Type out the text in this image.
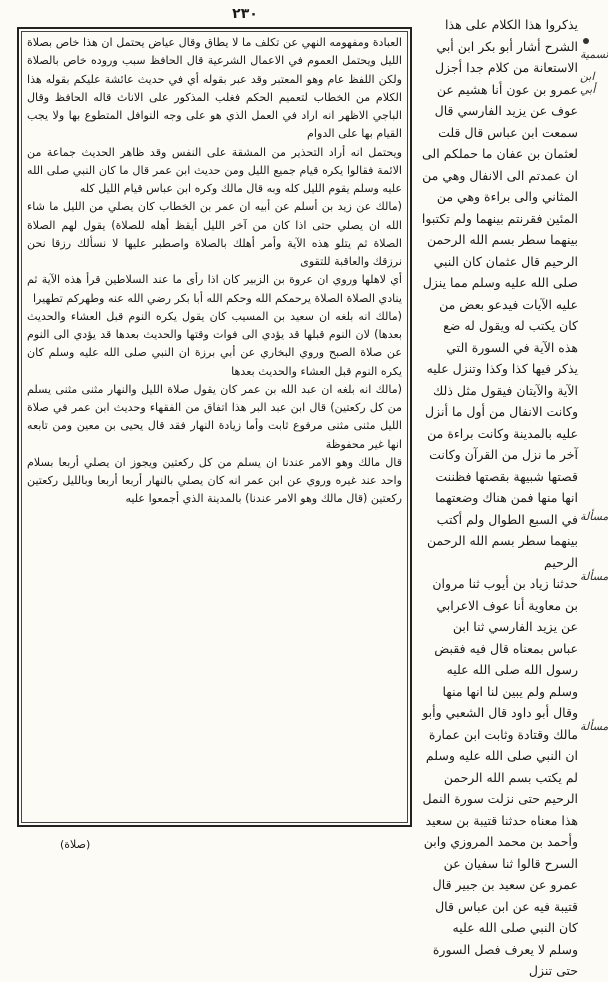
٢٣٠

العبادة ومفهومه النهي عن تكلف ما لا يطاق وقال عياض يحتمل ان هذا خاص بصلاة الليل ويحتمل العموم في الاعمال الشرعية قال الحافظ سبب وروده خاص بالصلاة ولكن اللفظ عام وهو المعتبر وقد عبر بقوله أي في حديث عائشة عليكم بقوله هذا الكلام من الخطاب لتعميم الحكم فغلب المذكور على الاناث قاله الحافظ وقال الباجي الاظهر انه اراد في العمل الذي هو على وجه النوافل المتطوع بها ولا يجب القيام بها على الدوام

ويحتمل انه أراد التحذير من المشقة على النفس وقد ظاهر الحديث جماعة من الائمة فقالوا يكره قيام جميع الليل ومن حديث ابن عمر قال ما كان النبي صلى الله عليه وسلم يقوم الليل كله وبه قال مالك وكره ابن عباس قيام الليل كله

(مالك عن زيد بن أسلم عن أبيه ان عمر بن الخطاب كان يصلي من الليل ما شاء الله ان يصلي حتى اذا كان من آخر الليل أيقظ أهله للصلاة) يقول لهم الصلاة الصلاة ثم يتلو هذه الآية وأمر أهلك بالصلاة واصطبر عليها لا نسألك رزقا نحن نرزقك والعاقبة للتقوى

أي لاهلها وروي ان عروة بن الزبير كان اذا رأى ما عند السلاطين قرأ هذه الآية ثم ينادي الصلاة الصلاة يرحمكم الله وحكم الله أبا بكر رضي الله عنه وطهركم تطهيرا

(مالك انه بلغه ان سعيد بن المسيب كان يقول يكره النوم قبل العشاء والحديث بعدها) لان النوم قبلها قد يؤدي الى فوات وقتها والحديث بعدها قد يؤدي الى النوم عن صلاة الصبح وروي البخاري عن أبي برزة ان النبي صلى الله عليه وسلم كان يكره النوم قبل العشاء والحديث بعدها

(مالك انه بلغه ان عبد الله بن عمر كان يقول صلاة الليل والنهار مثنى مثنى يسلم من كل ركعتين) قال ابن عبد البر هذا اتفاق من الفقهاء وحديث ابن عمر في صلاة الليل مثنى مثنى مرفوع ثابت وأما زيادة النهار فقد قال يحيى بن معين ومن تابعه انها غير محفوظة

قال مالك وهو الامر عندنا ان يسلم من كل ركعتين ويجوز ان يصلي أربعا بسلام واحد عند غيره وروي عن ابن عمر انه كان يصلي بالنهار أربعا أربعا وبالليل ركعتين ركعتين (قال مالك وهو الامر عندنا) بالمدينة الذي أجمعوا عليه

(صلاة)

يذكروا هذا الكلام على هذا الشرح أشار أبو بكر ابن أبي الاستعانة من كلام جدا أجزل عمرو بن عون أنا هشيم عن عوف عن يزيد الفارسي قال سمعت ابن عباس قال قلت لعثمان بن عفان ما حملكم الى ان عمدتم الى الانفال وهي من المثاني والى براءة وهي من المئين فقرنتم بينهما ولم تكتبوا بينهما سطر بسم الله الرحمن الرحيم قال عثمان كان النبي صلى الله عليه وسلم مما ينزل عليه الآيات فيدعو بعض من كان يكتب له ويقول له ضع هذه الآية في السورة التي يذكر فيها كذا وكذا وتنزل عليه الآية والآيتان فيقول مثل ذلك وكانت الانفال من أول ما أنزل عليه بالمدينة وكانت براءة من آخر ما نزل من القرآن وكانت قصتها شبيهة بقصتها فظننت انها منها فمن هناك وضعتهما في السبع الطوال ولم أكتب بينهما سطر بسم الله الرحمن الرحيم

حدثنا زياد بن أيوب ثنا مروان بن معاوية أنا عوف الاعرابي عن يزيد الفارسي ثنا ابن عباس بمعناه قال فيه فقبض رسول الله صلى الله عليه وسلم ولم يبين لنا انها منها وقال أبو داود قال الشعبي وأبو مالك وقتادة وثابت ابن عمارة ان النبي صلى الله عليه وسلم لم يكتب بسم الله الرحمن الرحيم حتى نزلت سورة النمل هذا معناه حدثنا قتيبة بن سعيد وأحمد بن محمد المروزي وابن السرح قالوا ثنا سفيان عن عمرو عن سعيد بن جبير قال قتيبة فيه عن ابن عباس قال كان النبي صلى الله عليه وسلم لا يعرف فصل السورة حتى تنزل

تسمية
ابن أبي
مسألة
مسألة
مسألة
